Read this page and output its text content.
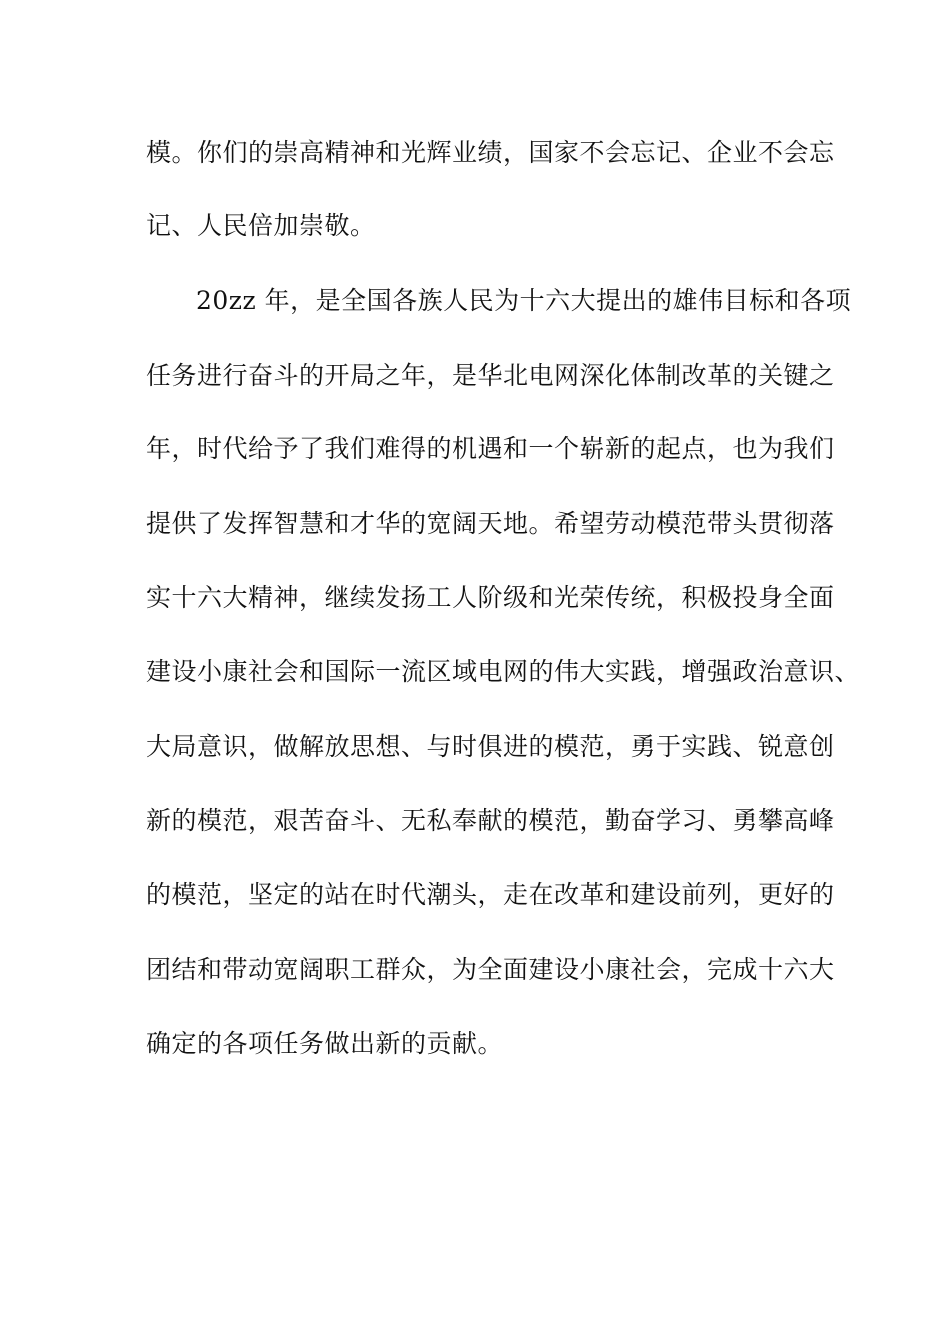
模。你们的崇高精神和光辉业绩，国家不会忘记、企业不会忘
记、人民倍加崇敬。
20zz 年，是全国各族人民为十六大提出的雄伟目标和各项
任务进行奋斗的开局之年，是华北电网深化体制改革的关键之
年，时代给予了我们难得的机遇和一个崭新的起点，也为我们
提供了发挥智慧和才华的宽阔天地。希望劳动模范带头贯彻落
实十六大精神，继续发扬工人阶级和光荣传统，积极投身全面
建设小康社会和国际一流区域电网的伟大实践，增强政治意识、
大局意识，做解放思想、与时俱进的模范，勇于实践、锐意创
新的模范，艰苦奋斗、无私奉献的模范，勤奋学习、勇攀高峰
的模范，坚定的站在时代潮头，走在改革和建设前列，更好的
团结和带动宽阔职工群众，为全面建设小康社会，完成十六大
确定的各项任务做出新的贡献。
